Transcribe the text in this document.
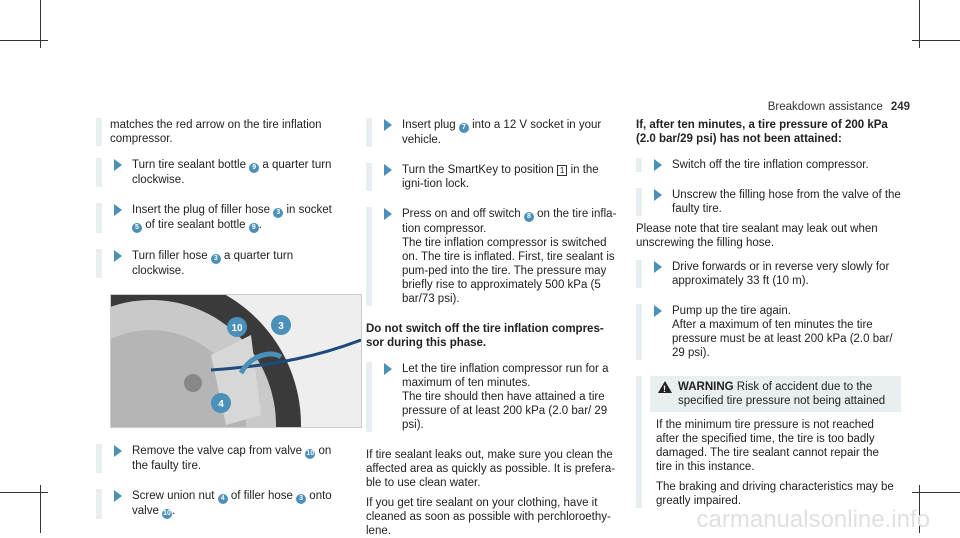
Breakdown assistance 249

matches the red arrow on the tire inflation compressor.

Turn tire sealant bottle 9 a quarter turn clockwise.

Insert the plug of filler hose 3 in socket 5 of tire sealant bottle 9 .

Turn filler hose 3 a quarter turn clockwise.

10	3
4

Remove the valve cap from valve 10 on the faulty tire.

Screw union nut 4 of filler hose 3 onto valve 10.

Insert plug 7 into a 12 V socket in your vehicle.

Turn the SmartKey to position 1 in the igni-tion lock.

Press on and off switch 8 on the tire infla-tion compressor.

The tire inflation compressor is switched on. The tire is inflated. First, tire sealant is pum-ped into the tire. The pressure may briefly rise to approximately 500 kPa (5 bar/73 psi).

Do not switch off the tire inflation compres-sor during this phase.

Let the tire inflation compressor run for a maximum of ten minutes.

The tire should then have attained a tire pressure of at least 200 kPa (2.0 bar/ 29 psi).

If tire sealant leaks out, make sure you clean the affected area as quickly as possible. It is prefera-ble to use clean water.

If you get tire sealant on your clothing, have it cleaned as soon as possible with perchloroethy-lene.

If, after ten minutes, a tire pressure of 200 kPa (2.0 bar/29 psi) has not been attained:

Switch off the tire inflation compressor.

Unscrew the filling hose from the valve of the faulty tire.

Please note that tire sealant may leak out when unscrewing the filling hose.

Drive forwards or in reverse very slowly for approximately 33 ft (10 m).

Pump up the tire again.

After a maximum of ten minutes the tire pressure must be at least 200 kPa (2.0 bar/ 29 psi).

!
WARNING Risk of accident due to the specified tire pressure not being attained

If the minimum tire pressure is not reached after the specified time, the tire is too badly damaged. The tire sealant cannot repair the tire in this instance.

The braking and driving characteristics may be greatly impaired.

carmanualsonline.info
